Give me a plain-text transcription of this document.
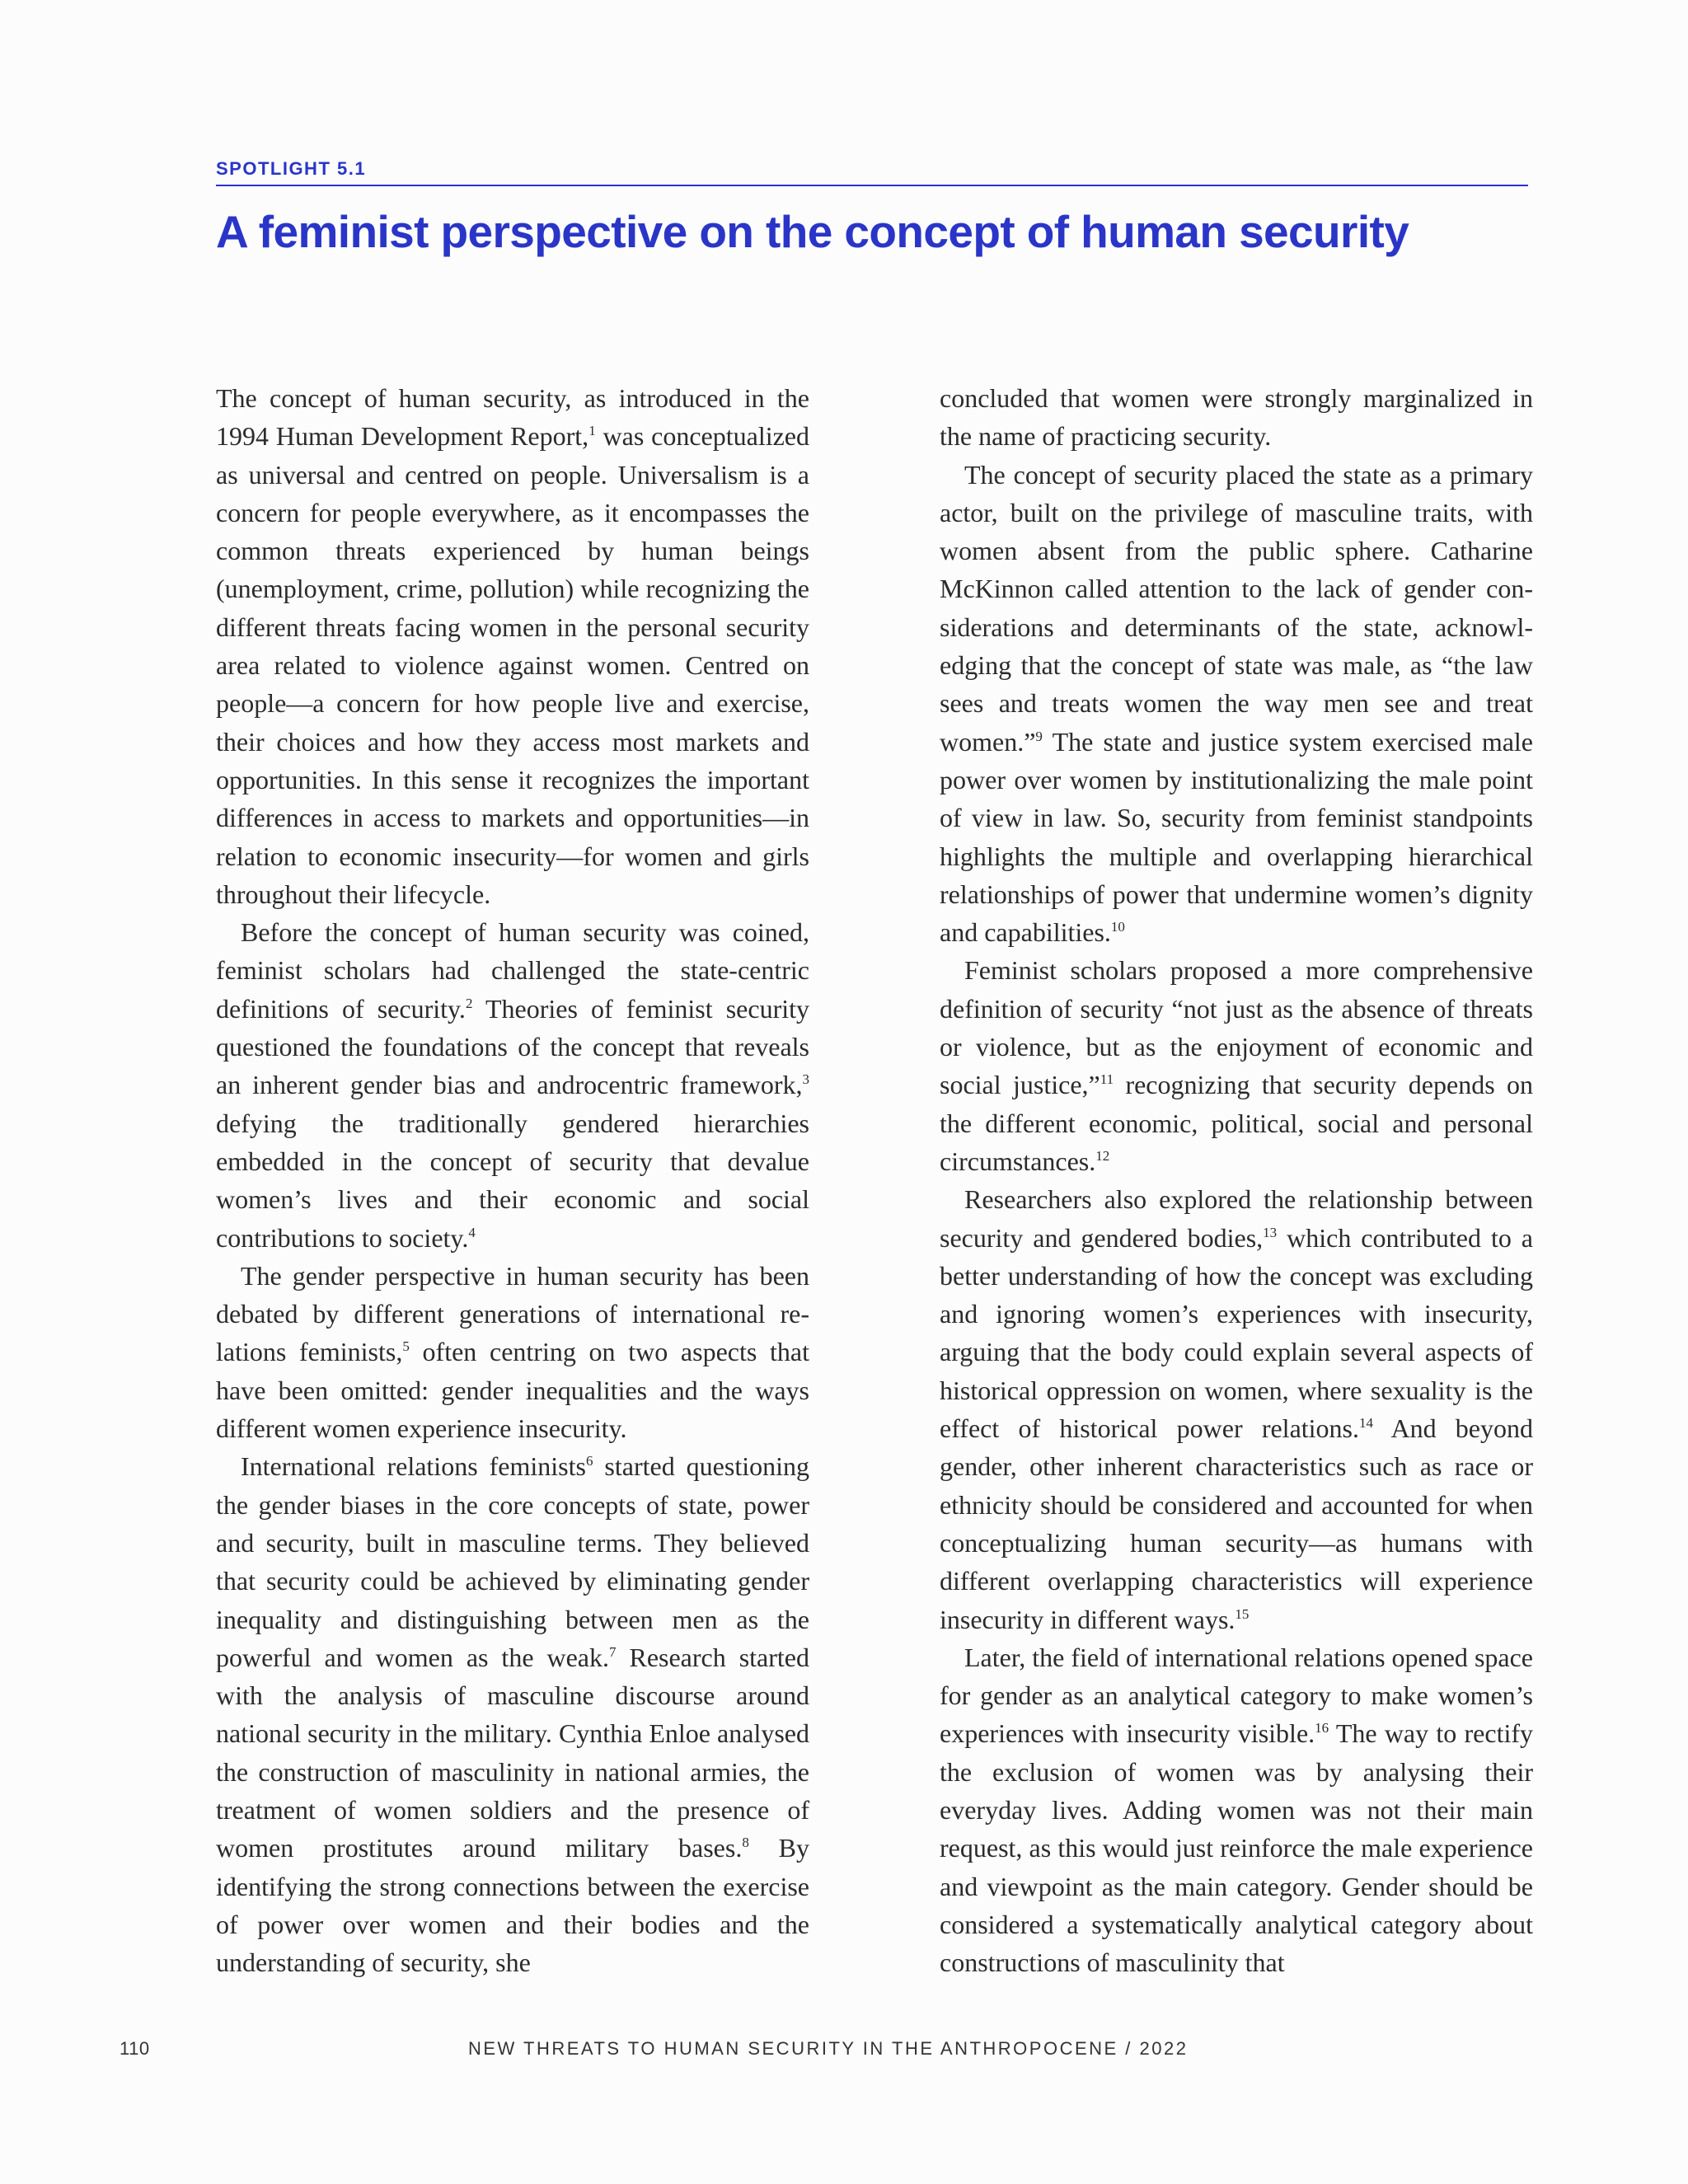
SPOTLIGHT 5.1
A feminist perspective on the concept of human security

The concept of human security, as introduced in the 1994 Human Development Report,$^1$ was conceptualized as universal and centred on people. Universalism is a concern for people everywhere, as it encompasses the common threats experienced by human beings (unemployment, crime, pollution) while recognizing the different threats facing women in the personal security area related to violence against women. Centred on people—a concern for how people live and exercise, their choices and how they access most markets and opportunities. In this sense it recognizes the important differences in access to markets and opportunities—in relation to economic insecurity—for women and girls throughout their lifecycle.

Before the concept of human security was coined, feminist scholars had challenged the state-centric definitions of security.$^2$ Theories of feminist security questioned the foundations of the concept that reveals an inherent gender bias and androcentric framework,$^3$ defying the traditionally gendered hierarchies embedded in the concept of security that devalue women’s lives and their economic and social contributions to society.$^4$

The gender perspective in human security has been debated by different generations of international relations feminists,$^5$ often centring on two aspects that have been omitted: gender inequalities and the ways different women experience insecurity.

International relations feminists$^6$ started questioning the gender biases in the core concepts of state, power and security, built in masculine terms. They believed that security could be achieved by eliminating gender inequality and distinguishing between men as the powerful and women as the weak.$^7$ Research started with the analysis of masculine discourse around national security in the military. Cynthia Enloe analysed the construction of masculinity in national armies, the treatment of women soldiers and the presence of women prostitutes around military bases.$^8$ By identifying the strong connections between the exercise of power over women and their bodies and the understanding of security, she

concluded that women were strongly marginalized in the name of practicing security.

The concept of security placed the state as a primary actor, built on the privilege of masculine traits, with women absent from the public sphere. Catharine McKinnon called attention to the lack of gender considerations and determinants of the state, acknowledging that the concept of state was male, as “the law sees and treats women the way men see and treat women.”$^9$ The state and justice system exercised male power over women by institutionalizing the male point of view in law. So, security from feminist standpoints highlights the multiple and overlapping hierarchical relationships of power that undermine women’s dignity and capabilities.$^{10}$

Feminist scholars proposed a more comprehensive definition of security “not just as the absence of threats or violence, but as the enjoyment of economic and social justice,”$^{11}$ recognizing that security depends on the different economic, political, social and personal circumstances.$^{12}$

Researchers also explored the relationship between security and gendered bodies,$^{13}$ which contributed to a better understanding of how the concept was excluding and ignoring women’s experiences with insecurity, arguing that the body could explain several aspects of historical oppression on women, where sexuality is the effect of historical power relations.$^{14}$ And beyond gender, other inherent characteristics such as race or ethnicity should be considered and accounted for when conceptualizing human security—as humans with different overlapping characteristics will experience insecurity in different ways.$^{15}$

Later, the field of international relations opened space for gender as an analytical category to make women’s experiences with insecurity visible.$^{16}$ The way to rectify the exclusion of women was by analysing their everyday lives. Adding women was not their main request, as this would just reinforce the male experience and viewpoint as the main category. Gender should be considered a systematically analytical category about constructions of masculinity that

110	NEW THREATS TO HUMAN SECURITY IN THE ANTHROPOCENE / 2022
